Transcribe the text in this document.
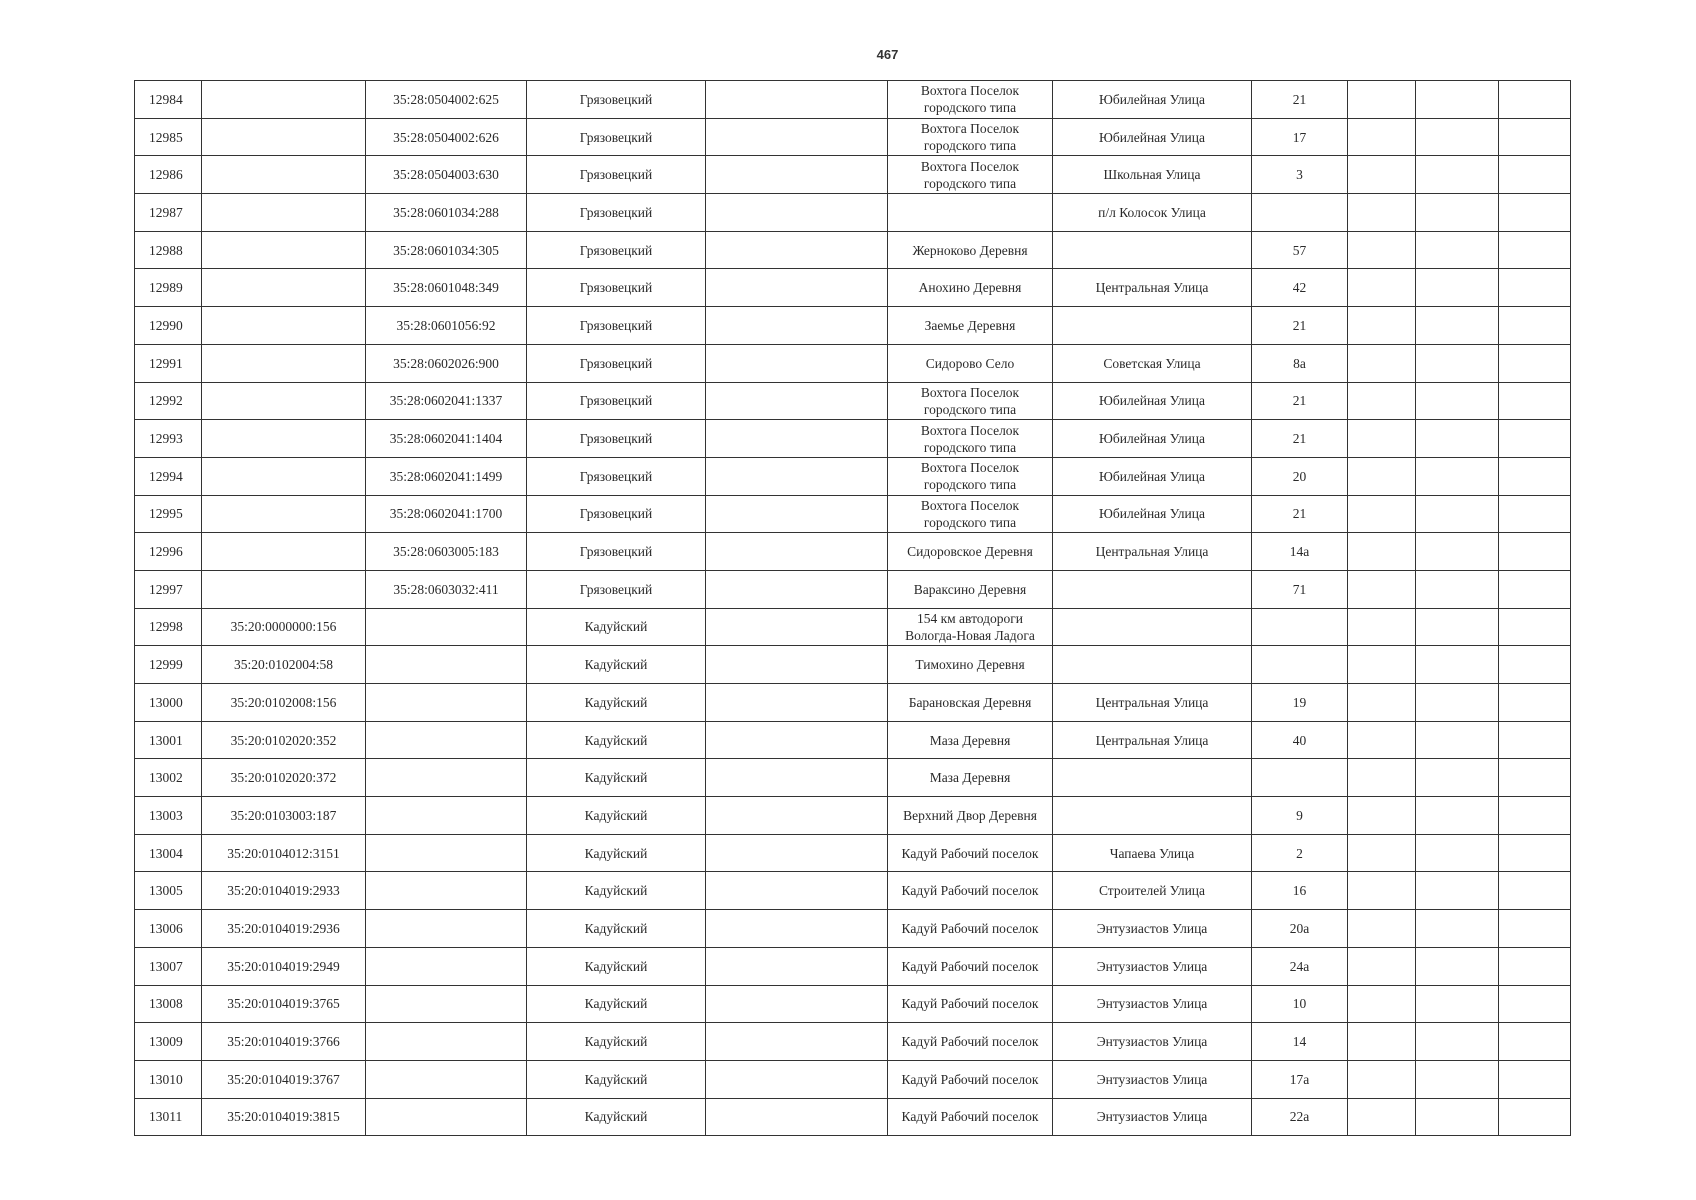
467
12984		35:28:0504002:625	Грязовецкий		Вохтога Поселок городского типа	Юбилейная Улица	21			
12985		35:28:0504002:626	Грязовецкий		Вохтога Поселок городского типа	Юбилейная Улица	17			
12986		35:28:0504003:630	Грязовецкий		Вохтога Поселок городского типа	Школьная Улица	3			
12987		35:28:0601034:288	Грязовецкий			п/л Колосок Улица				
12988		35:28:0601034:305	Грязовецкий		Жерноково Деревня		57			
12989		35:28:0601048:349	Грязовецкий		Анохино Деревня	Центральная Улица	42			
12990		35:28:0601056:92	Грязовецкий		Заемье Деревня		21			
12991		35:28:0602026:900	Грязовецкий		Сидорово Село	Советская Улица	8а			
12992		35:28:0602041:1337	Грязовецкий		Вохтога Поселок городского типа	Юбилейная Улица	21			
12993		35:28:0602041:1404	Грязовецкий		Вохтога Поселок городского типа	Юбилейная Улица	21			
12994		35:28:0602041:1499	Грязовецкий		Вохтога Поселок городского типа	Юбилейная Улица	20			
12995		35:28:0602041:1700	Грязовецкий		Вохтога Поселок городского типа	Юбилейная Улица	21			
12996		35:28:0603005:183	Грязовецкий		Сидоровское Деревня	Центральная Улица	14а			
12997		35:28:0603032:411	Грязовецкий		Вараксино Деревня		71			
12998	35:20:0000000:156		Кадуйский		154 км автодороги Вологда-Новая Ладога					
12999	35:20:0102004:58		Кадуйский		Тимохино Деревня					
13000	35:20:0102008:156		Кадуйский		Барановская Деревня	Центральная Улица	19			
13001	35:20:0102020:352		Кадуйский		Маза Деревня	Центральная Улица	40			
13002	35:20:0102020:372		Кадуйский		Маза Деревня					
13003	35:20:0103003:187		Кадуйский		Верхний Двор Деревня		9			
13004	35:20:0104012:3151		Кадуйский		Кадуй Рабочий поселок	Чапаева Улица	2			
13005	35:20:0104019:2933		Кадуйский		Кадуй Рабочий поселок	Строителей Улица	16			
13006	35:20:0104019:2936		Кадуйский		Кадуй Рабочий поселок	Энтузиастов Улица	20а			
13007	35:20:0104019:2949		Кадуйский		Кадуй Рабочий поселок	Энтузиастов Улица	24а			
13008	35:20:0104019:3765		Кадуйский		Кадуй Рабочий поселок	Энтузиастов Улица	10			
13009	35:20:0104019:3766		Кадуйский		Кадуй Рабочий поселок	Энтузиастов Улица	14			
13010	35:20:0104019:3767		Кадуйский		Кадуй Рабочий поселок	Энтузиастов Улица	17а			
13011	35:20:0104019:3815		Кадуйский		Кадуй Рабочий поселок	Энтузиастов Улица	22а			
